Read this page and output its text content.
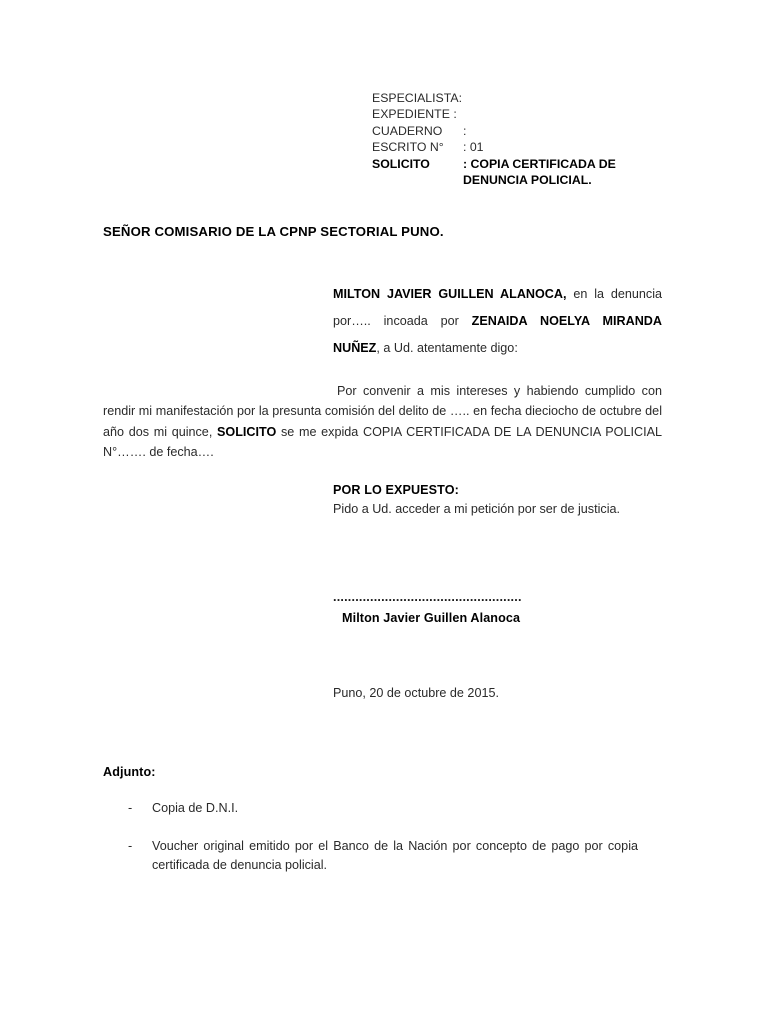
ESPECIALISTA:
EXPEDIENTE :
CUADERNO	:
ESCRITO N°	: 01
SOLICITO	: COPIA CERTIFICADA DE
DENUNCIA POLICIAL.
SEÑOR COMISARIO DE LA CPNP SECTORIAL PUNO.

MILTON JAVIER GUILLEN ALANOCA, en la denuncia por….. incoada por ZENAIDA NOELYA MIRANDA NUÑEZ, a Ud. atentamente digo:

Por convenir a mis intereses y habiendo cumplido con rendir mi manifestación por la presunta comisión del delito de ….. en fecha dieciocho de octubre del año dos mi quince, SOLICITO se me expida COPIA CERTIFICADA DE LA DENUNCIA POLICIAL N°……. de fecha….

POR LO EXPUESTO:
Pido a Ud. acceder a mi petición por ser de justicia.
...................................................
Milton Javier Guillen Alanoca
Puno, 20 de octubre de 2015.
Adjunto:
-	Copia de D.N.I.
-	Voucher original emitido por el Banco de la Nación por concepto de pago por copia certificada de denuncia policial.
